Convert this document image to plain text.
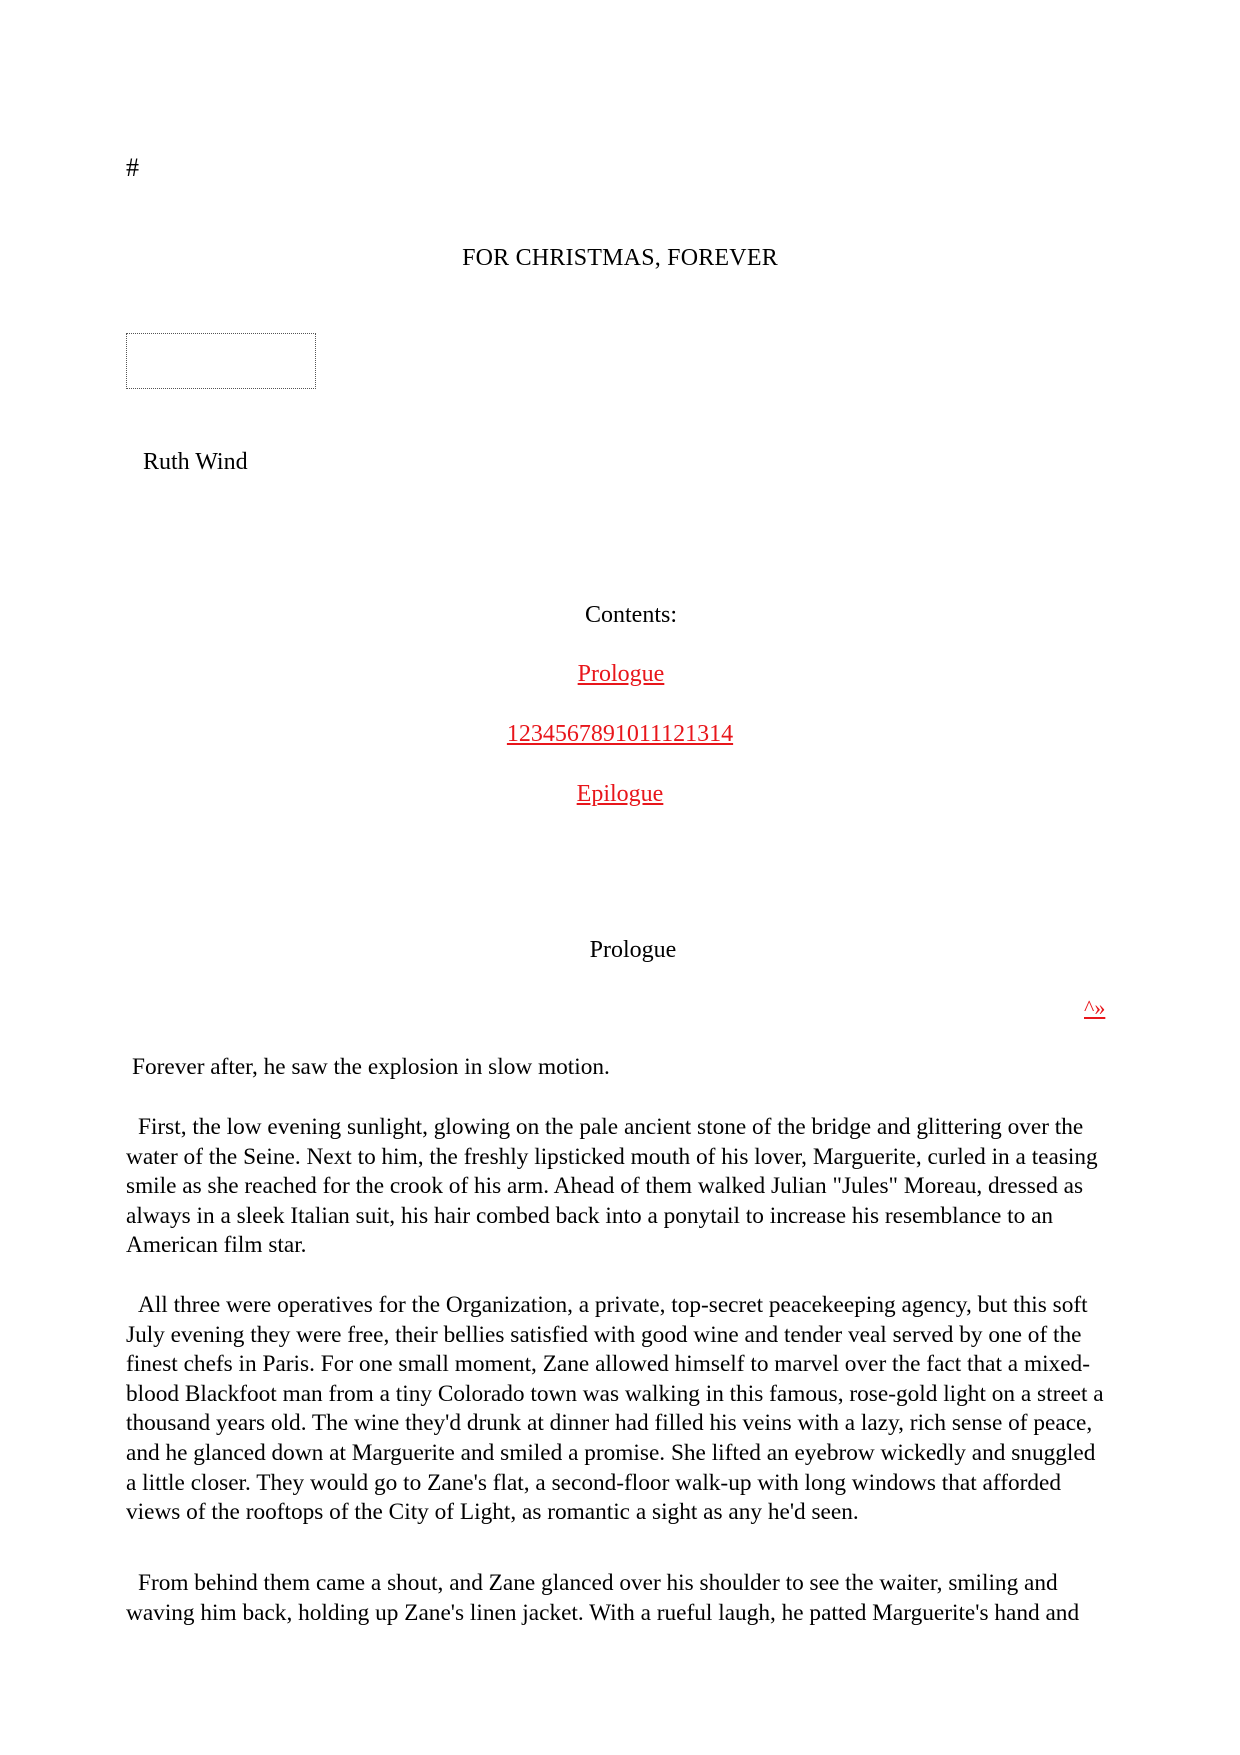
#
FOR CHRISTMAS, FOREVER
Ruth Wind
Contents:
Prologue
1234567891011121314
Epilogue
Prologue
^»
Forever after, he saw the explosion in slow motion.
First, the low evening sunlight, glowing on the pale ancient stone of the bridge and glittering over the water of the Seine. Next to him, the freshly lipsticked mouth of his lover, Marguerite, curled in a teasing smile as she reached for the crook of his arm. Ahead of them walked Julian "Jules" Moreau, dressed as always in a sleek Italian suit, his hair combed back into a ponytail to increase his resemblance to an American film star.
All three were operatives for the Organization, a private, top-secret peacekeeping agency, but this soft July evening they were free, their bellies satisfied with good wine and tender veal served by one of the finest chefs in Paris. For one small moment, Zane allowed himself to marvel over the fact that a mixed-blood Blackfoot man from a tiny Colorado town was walking in this famous, rose-gold light on a street a thousand years old. The wine they'd drunk at dinner had filled his veins with a lazy, rich sense of peace, and he glanced down at Marguerite and smiled a promise. She lifted an eyebrow wickedly and snuggled a little closer. They would go to Zane's flat, a second-floor walk-up with long windows that afforded views of the rooftops of the City of Light, as romantic a sight as any he'd seen.
From behind them came a shout, and Zane glanced over his shoulder to see the waiter, smiling and waving him back, holding up Zane's linen jacket. With a rueful laugh, he patted Marguerite's hand and
